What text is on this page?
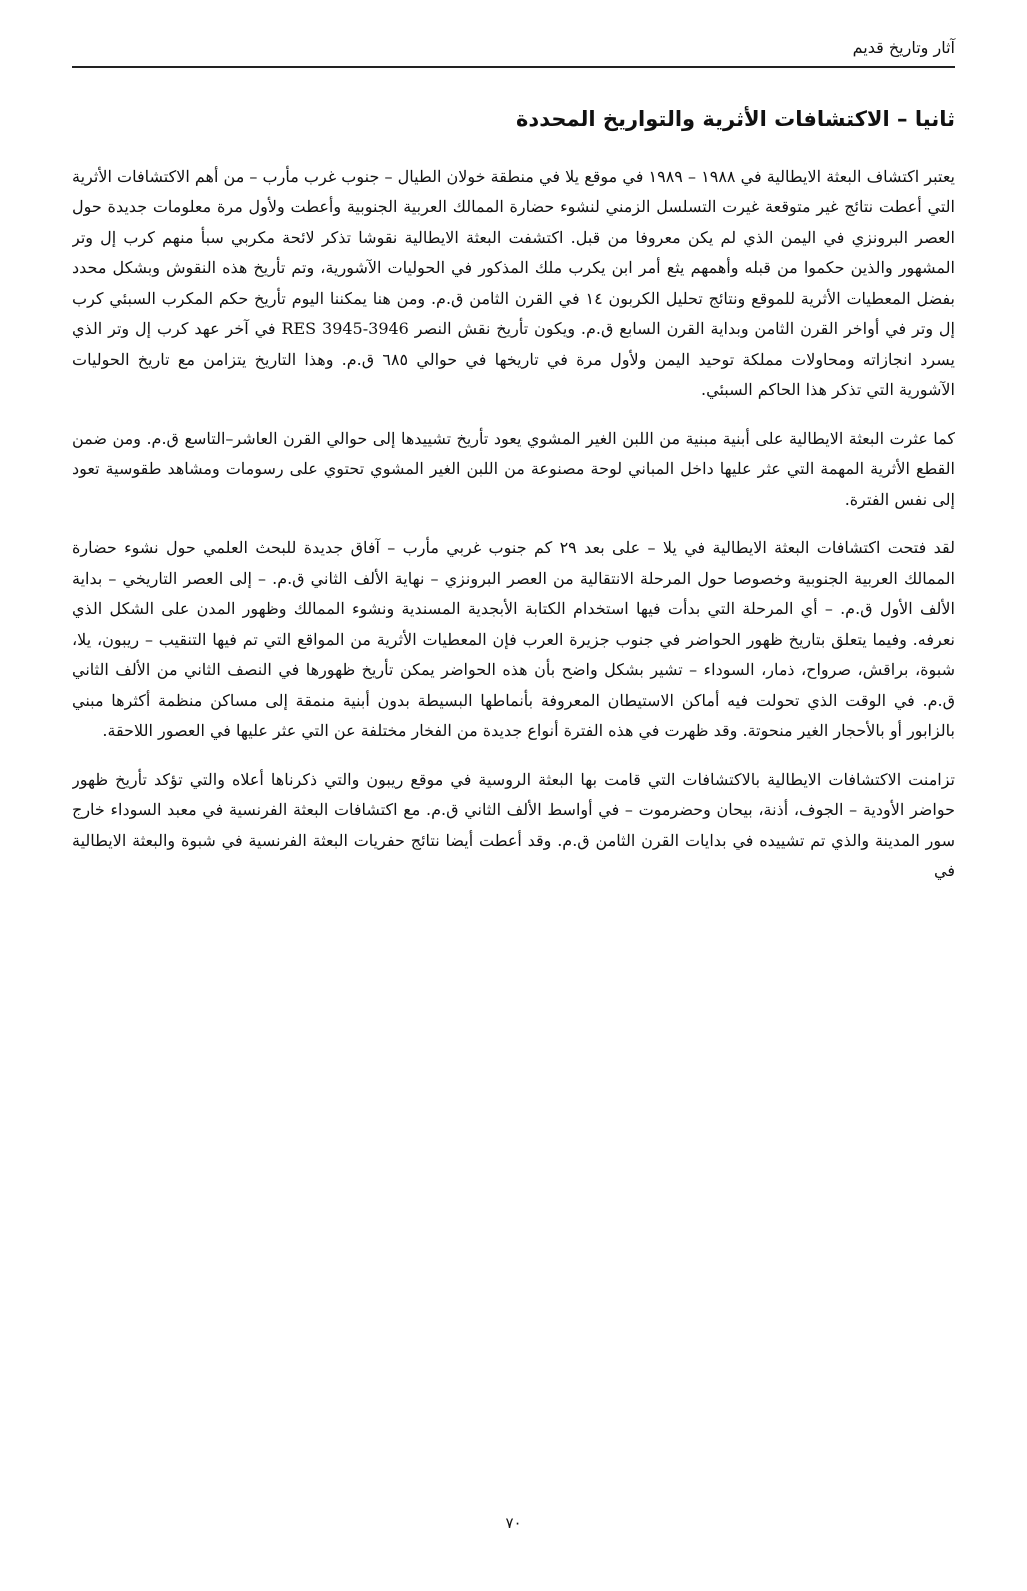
آثار وتاريخ قديم
ثانيا – الاكتشافات الأثرية والتواريخ المحددة

يعتبر اكتشاف البعثة الايطالية في ١٩٨٨ – ١٩٨٩ في موقع يلا في منطقة خولان الطيال – جنوب غرب مأرب – من أهم الاكتشافات الأثرية التي أعطت نتائج غير متوقعة غيرت التسلسل الزمني لنشوء حضارة الممالك العربية الجنوبية وأعطت ولأول مرة معلومات جديدة حول العصر البرونزي في اليمن الذي لم يكن معروفا من قبل. اكتشفت البعثة الايطالية نقوشا تذكر لائحة مكربي سبأ منهم كرب إل وتر المشهور والذين حكموا من قبله وأهمهم يثع أمر ابن يكرب ملك المذكور في الحوليات الآشورية، وتم تأريخ هذه النقوش وبشكل محدد بفضل المعطيات الأثرية للموقع ونتائج تحليل الكربون ١٤ في القرن الثامن ق.م. ومن هنا يمكننا اليوم تأريخ حكم المكرب السبئي كرب إل وتر في أواخر القرن الثامن وبداية القرن السابع ق.م. ويكون تأريخ نقش النصر RES 3945-3946 في آخر عهد كرب إل وتر الذي يسرد انجازاته ومحاولات مملكة توحيد اليمن ولأول مرة في تاريخها في حوالي ٦٨٥ ق.م. وهذا التاريخ يتزامن مع تاريخ الحوليات الآشورية التي تذكر هذا الحاكم السبئي.

كما عثرت البعثة الايطالية على أبنية مبنية من اللبن الغير المشوي يعود تأريخ تشييدها إلى حوالي القرن العاشر–التاسع ق.م. ومن ضمن القطع الأثرية المهمة التي عثر عليها داخل المباني لوحة مصنوعة من اللبن الغير المشوي تحتوي على رسومات ومشاهد طقوسية تعود إلى نفس الفترة.

لقد فتحت اكتشافات البعثة الايطالية في يلا – على بعد ٢٩ كم جنوب غربي مأرب – آفاق جديدة للبحث العلمي حول نشوء حضارة الممالك العربية الجنوبية وخصوصا حول المرحلة الانتقالية من العصر البرونزي – نهاية الألف الثاني ق.م. – إلى العصر التاريخي – بداية الألف الأول ق.م. – أي المرحلة التي بدأت فيها استخدام الكتابة الأبجدية المسندية ونشوء الممالك وظهور المدن على الشكل الذي نعرفه. وفيما يتعلق بتاريخ ظهور الحواضر في جنوب جزيرة العرب فإن المعطيات الأثرية من المواقع التي تم فيها التنقيب – ريبون، يلا، شبوة، براقش، صرواح، ذمار، السوداء – تشير بشكل واضح بأن هذه الحواضر يمكن تأريخ ظهورها في النصف الثاني من الألف الثاني ق.م. في الوقت الذي تحولت فيه أماكن الاستيطان المعروفة بأنماطها البسيطة بدون أبنية منمقة إلى مساكن منظمة أكثرها مبني بالزابور أو بالأحجار الغير منحوتة. وقد ظهرت في هذه الفترة أنواع جديدة من الفخار مختلفة عن التي عثر عليها في العصور اللاحقة.

تزامنت الاكتشافات الايطالية بالاكتشافات التي قامت بها البعثة الروسية في موقع ريبون والتي ذكرناها أعلاه والتي تؤكد تأريخ ظهور حواضر الأودية – الجوف، أذنة، بيحان وحضرموت – في أواسط الألف الثاني ق.م. مع اكتشافات البعثة الفرنسية في معبد السوداء خارج سور المدينة والذي تم تشييده في بدايات القرن الثامن ق.م. وقد أعطت أيضا نتائج حفريات البعثة الفرنسية في شبوة والبعثة الايطالية في

٧٠
